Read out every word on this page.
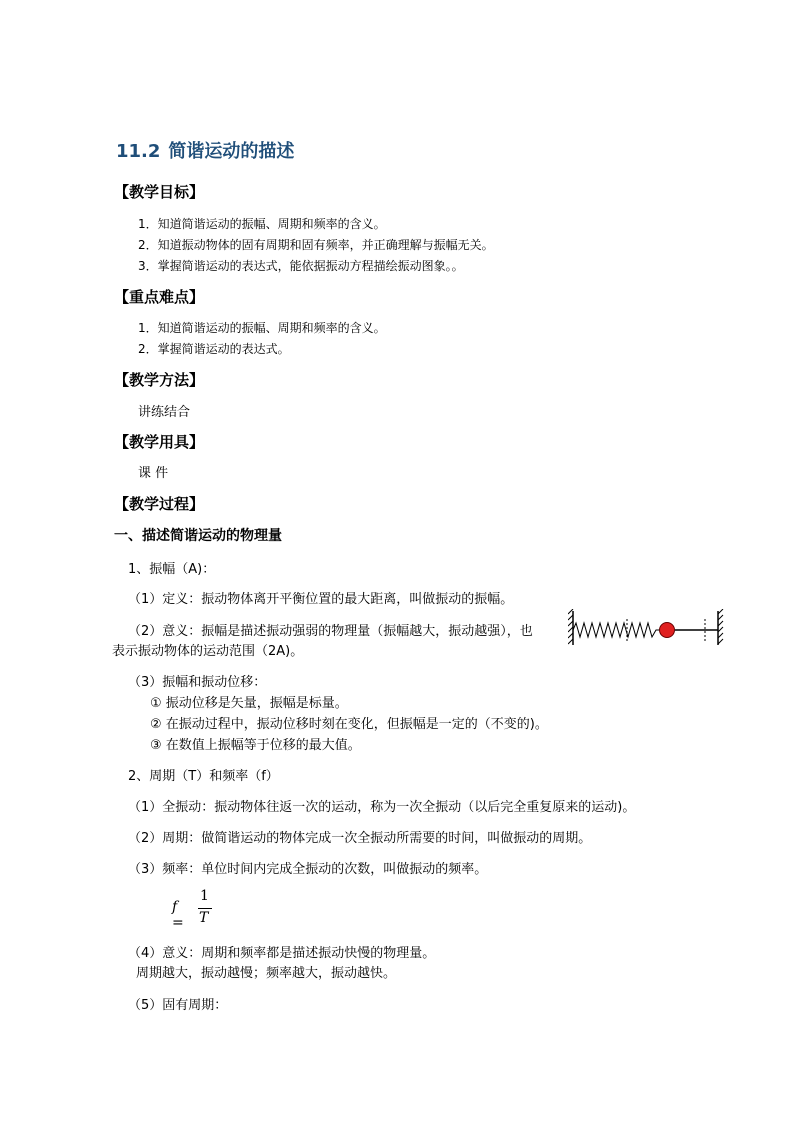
11.2 简谐运动的描述
【教学目标】
1．知道简谐运动的振幅、周期和频率的含义。
2．知道振动物体的固有周期和固有频率，并正确理解与振幅无关。
3．掌握简谐运动的表达式，能依据振动方程描绘振动图象。。
【重点难点】
1．知道简谐运动的振幅、周期和频率的含义。
2．掌握简谐运动的表达式。
【教学方法】
讲练结合
【教学用具】
课 件
【教学过程】
一、描述简谐运动的物理量
1、振幅（A)：
（1）定义：振动物体离开平衡位置的最大距离，叫做振动的振幅。
（2）意义：振幅是描述振动强弱的物理量（振幅越大，振动越强），也
表示振动物体的运动范围（2A)。
（3）振幅和振动位移：
① 振动位移是矢量，振幅是标量。
② 在振动过程中，振动位移时刻在变化，但振幅是一定的（不变的)。
③ 在数值上振幅等于位移的最大值。
2、周期（T）和频率（f）
（1）全振动：振动物体往返一次的运动，称为一次全振动（以后完全重复原来的运动)。
（2）周期：做简谐运动的物体完成一次全振动所需要的时间，叫做振动的周期。
（3）频率：单位时间内完成全振动的次数，叫做振动的频率。
f =
1
T
（4）意义：周期和频率都是描述振动快慢的物理量。
周期越大，振动越慢；频率越大，振动越快。
（5）固有周期：
